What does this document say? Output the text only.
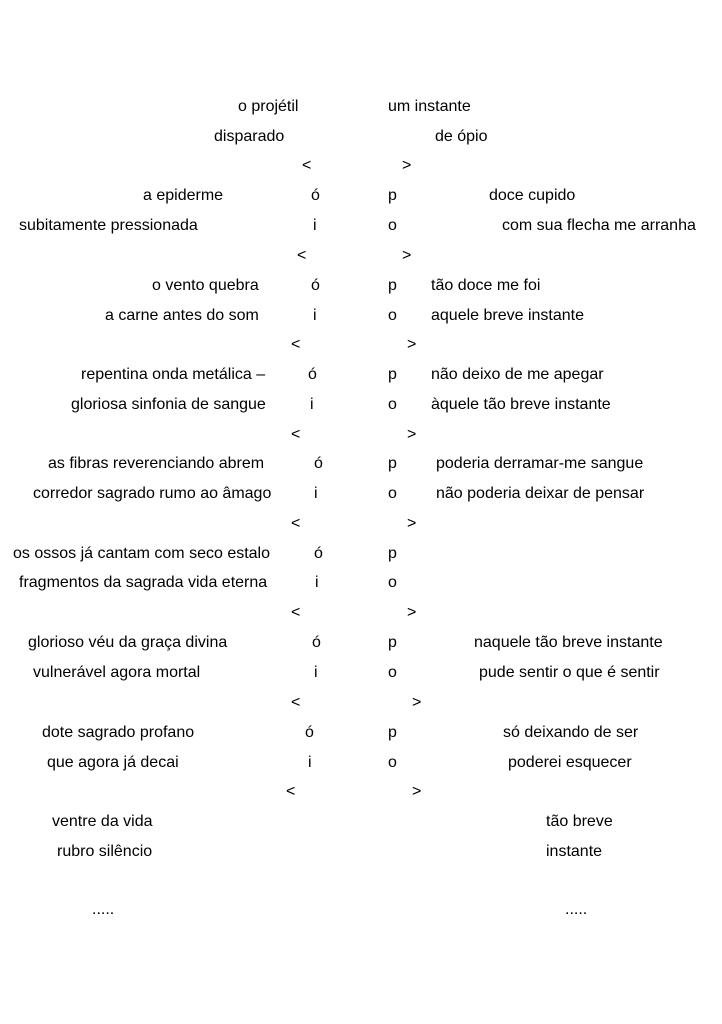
o projétil	um instante
disparado	de ópio
<	>
a epiderme	ó	p	doce cupido
subitamente pressionada	i	o	com sua flecha me arranha
<	>
o vento quebra	ó	p tão doce me foi
a carne antes do som	i	o aquele breve instante
<	>
repentina onda metálica –	ó	p não deixo de me apegar
gloriosa sinfonia de sangue	i	o àquele tão breve instante
<	>
as fibras reverenciando abrem	ó	p poderia derramar-me sangue
corredor sagrado rumo ao âmago	i	o não poderia deixar de pensar
<	>
os ossos já cantam com seco estalo	ó	p
fragmentos da sagrada vida eterna	i	o
<	>
glorioso véu da graça divina	ó	p	naquele tão breve instante
vulnerável agora mortal	i	o	pude sentir o que é sentir
<	>
dote sagrado profano	ó	p	só deixando de ser
que agora já decai	i	o	poderei esquecer
<	>
ventre da vida	tão breve
rubro silêncio	instante
.....	.....
